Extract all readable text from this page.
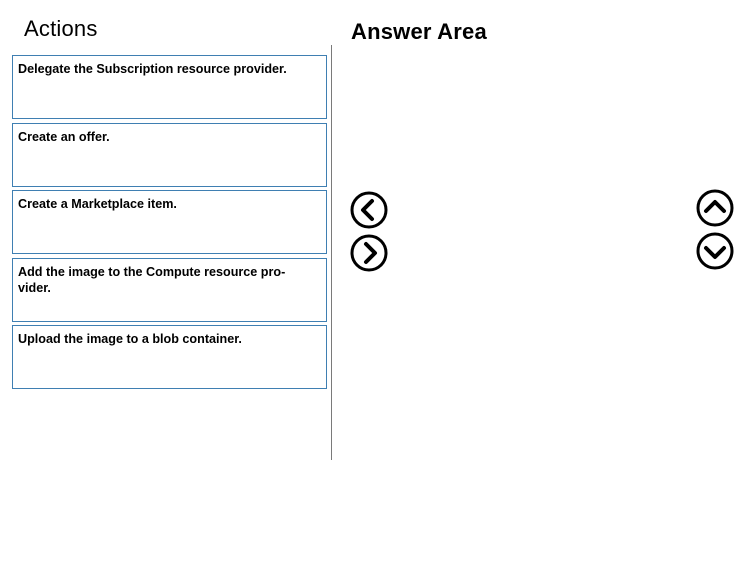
Actions	Answer Area
Delegate the Subscription resource provider.
Create an offer.
Create a Marketplace item.
Add the image to the Compute resource pro-
vider.
Upload the image to a blob container.
